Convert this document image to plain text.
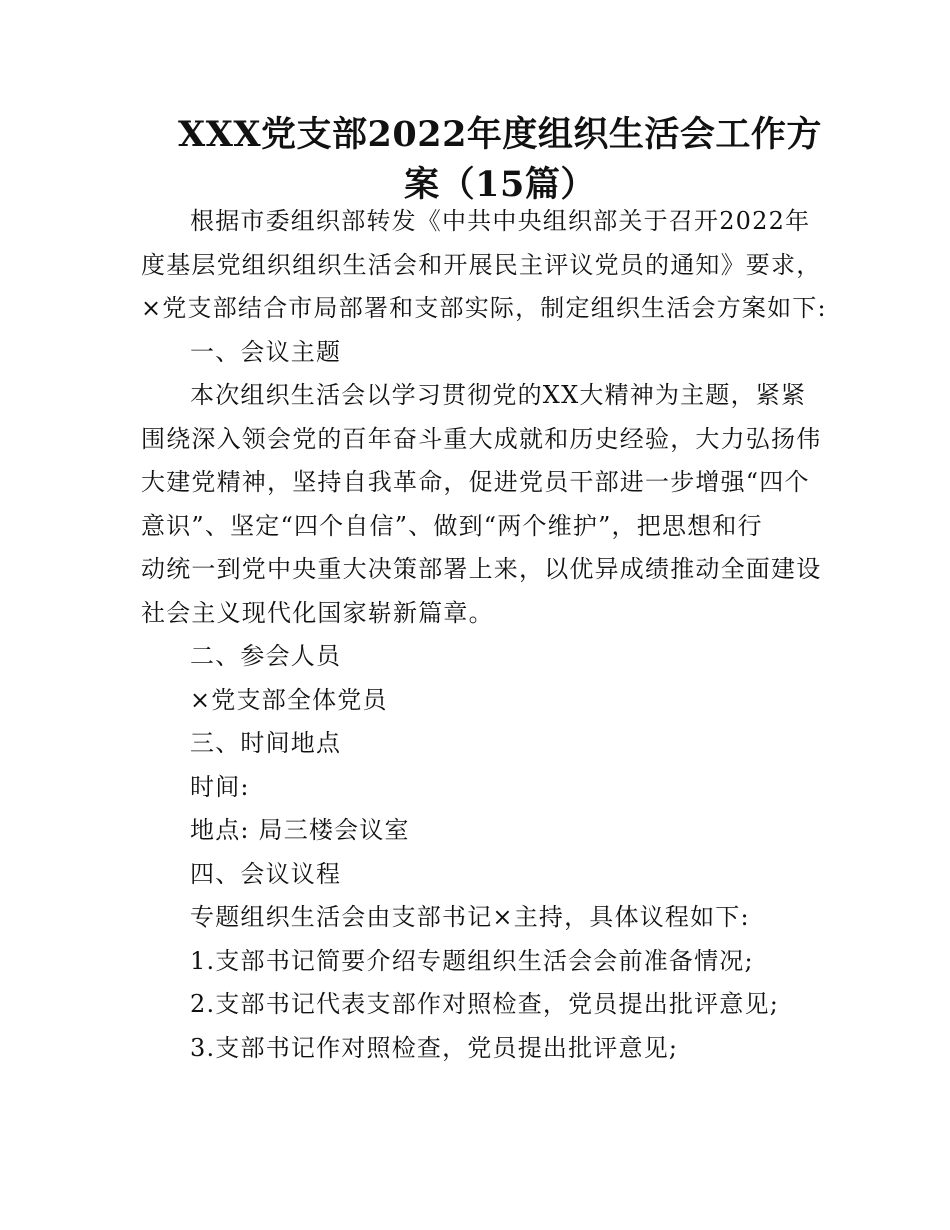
XXX党支部2022年度组织生活会工作方
案（15篇）

根据市委组织部转发《中共中央组织部关于召开2022年

度基层党组织组织生活会和开展民主评议党员的通知》要求，

×党支部结合市局部署和支部实际，制定组织生活会方案如下:

一、会议主题

本次组织生活会以学习贯彻党的XX大精神为主题，紧紧

围绕深入领会党的百年奋斗重大成就和历史经验，大力弘扬伟

大建党精神，坚持自我革命，促进党员干部进一步增强“四个

意识”、坚定“四个自信”、做到“两个维护”，把思想和行

动统一到党中央重大决策部署上来，以优异成绩推动全面建设

社会主义现代化国家崭新篇章。

二、参会人员

×党支部全体党员

三、时间地点

时间:

地点: 局三楼会议室

四、会议议程

专题组织生活会由支部书记×主持，具体议程如下:

1.支部书记简要介绍专题组织生活会会前准备情况;

2.支部书记代表支部作对照检查，党员提出批评意见;

3.支部书记作对照检查，党员提出批评意见;
